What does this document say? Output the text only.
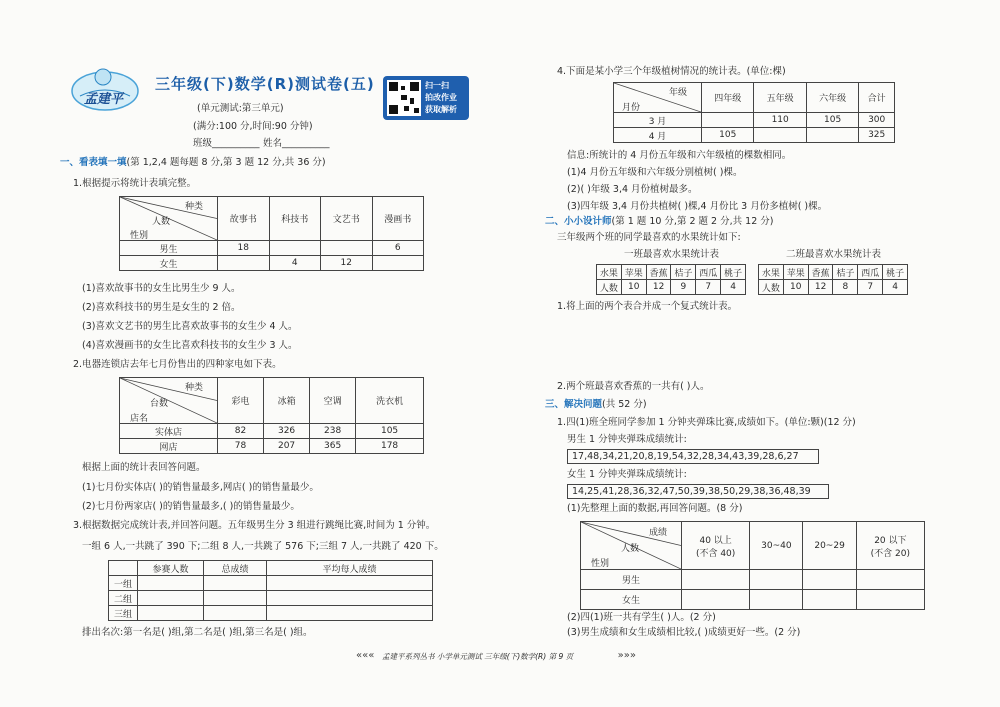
孟建平
三年级(下)数学(R)测试卷(五)
(单元测试:第三单元)
(满分:100 分,时间:90 分钟)
班级__________ 姓名__________
扫一扫
拍改作业
获取解析
一、看表填一填(第 1,2,4 题每题 8 分,第 3 题 12 分,共 36 分)
1.根据提示将统计表填完整。
种类
人数
性别	故事书	科技书	文艺书	漫画书
男生	18			6
女生		4	12	
(1)喜欢故事书的女生比男生少 9 人。
(2)喜欢科技书的男生是女生的 2 倍。
(3)喜欢文艺书的男生比喜欢故事书的女生少 4 人。
(4)喜欢漫画书的女生比喜欢科技书的女生少 3 人。
2.电器连锁店去年七月份售出的四种家电如下表。
种类
台数
店名	彩电	冰箱	空调	洗衣机
实体店	82	326	238	105
网店	78	207	365	178
根据上面的统计表回答问题。
(1)七月份实体店( )的销售量最多,网店( )的销售量最少。
(2)七月份两家店( )的销售量最多,( )的销售量最少。
3.根据数据完成统计表,并回答问题。五年级男生分 3 组进行跳绳比赛,时间为 1 分钟。
一组 6 人,一共跳了 390 下;二组 8 人,一共跳了 576 下;三组 7 人,一共跳了 420 下。
	参赛人数	总成绩	平均每人成绩
一组			
二组			
三组			
排出名次:第一名是( )组,第二名是( )组,第三名是( )组。
4.下面是某小学三个年级植树情况的统计表。(单位:棵)
年级
月份	四年级	五年级	六年级	合计
3 月		110	105	300
4 月	105			325
信息:所统计的 4 月份五年级和六年级植的棵数相同。
(1)4 月份五年级和六年级分别植树( )棵。
(2)( )年级 3,4 月份植树最多。
(3)四年级 3,4 月份共植树( )棵,4 月份比 3 月份多植树( )棵。
二、小小设计师(第 1 题 10 分,第 2 题 2 分,共 12 分)
三年级两个班的同学最喜欢的水果统计如下:
一班最喜欢水果统计表	二班最喜欢水果统计表
水果	苹果	香蕉	桔子	西瓜	桃子
人数	10	12	9	7	4
水果	苹果	香蕉	桔子	西瓜	桃子
人数	10	12	8	7	4
1.将上面的两个表合并成一个复式统计表。
2.两个班最喜欢香蕉的一共有( )人。
三、解决问题(共 52 分)
1.四(1)班全班同学参加 1 分钟夹弹珠比赛,成绩如下。(单位:颗)(12 分)
男生 1 分钟夹弹珠成绩统计:
17,48,34,21,20,8,19,54,32,28,34,43,39,28,6,27
女生 1 分钟夹弹珠成绩统计:
14,25,41,28,36,32,47,50,39,38,50,29,38,36,48,39
(1)先整理上面的数据,再回答问题。(8 分)
成绩
人数
性别	40 以上
(不含 40)	30~40	20~29	20 以下
(不含 20)
男生				
女生				
(2)四(1)班一共有学生( )人。(2 分)
(3)男生成绩和女生成绩相比较,( )成绩更好一些。(2 分)
««« 孟建平系列丛书 小学单元测试 三年级(下)数学(R) 第 9 页	»»»
